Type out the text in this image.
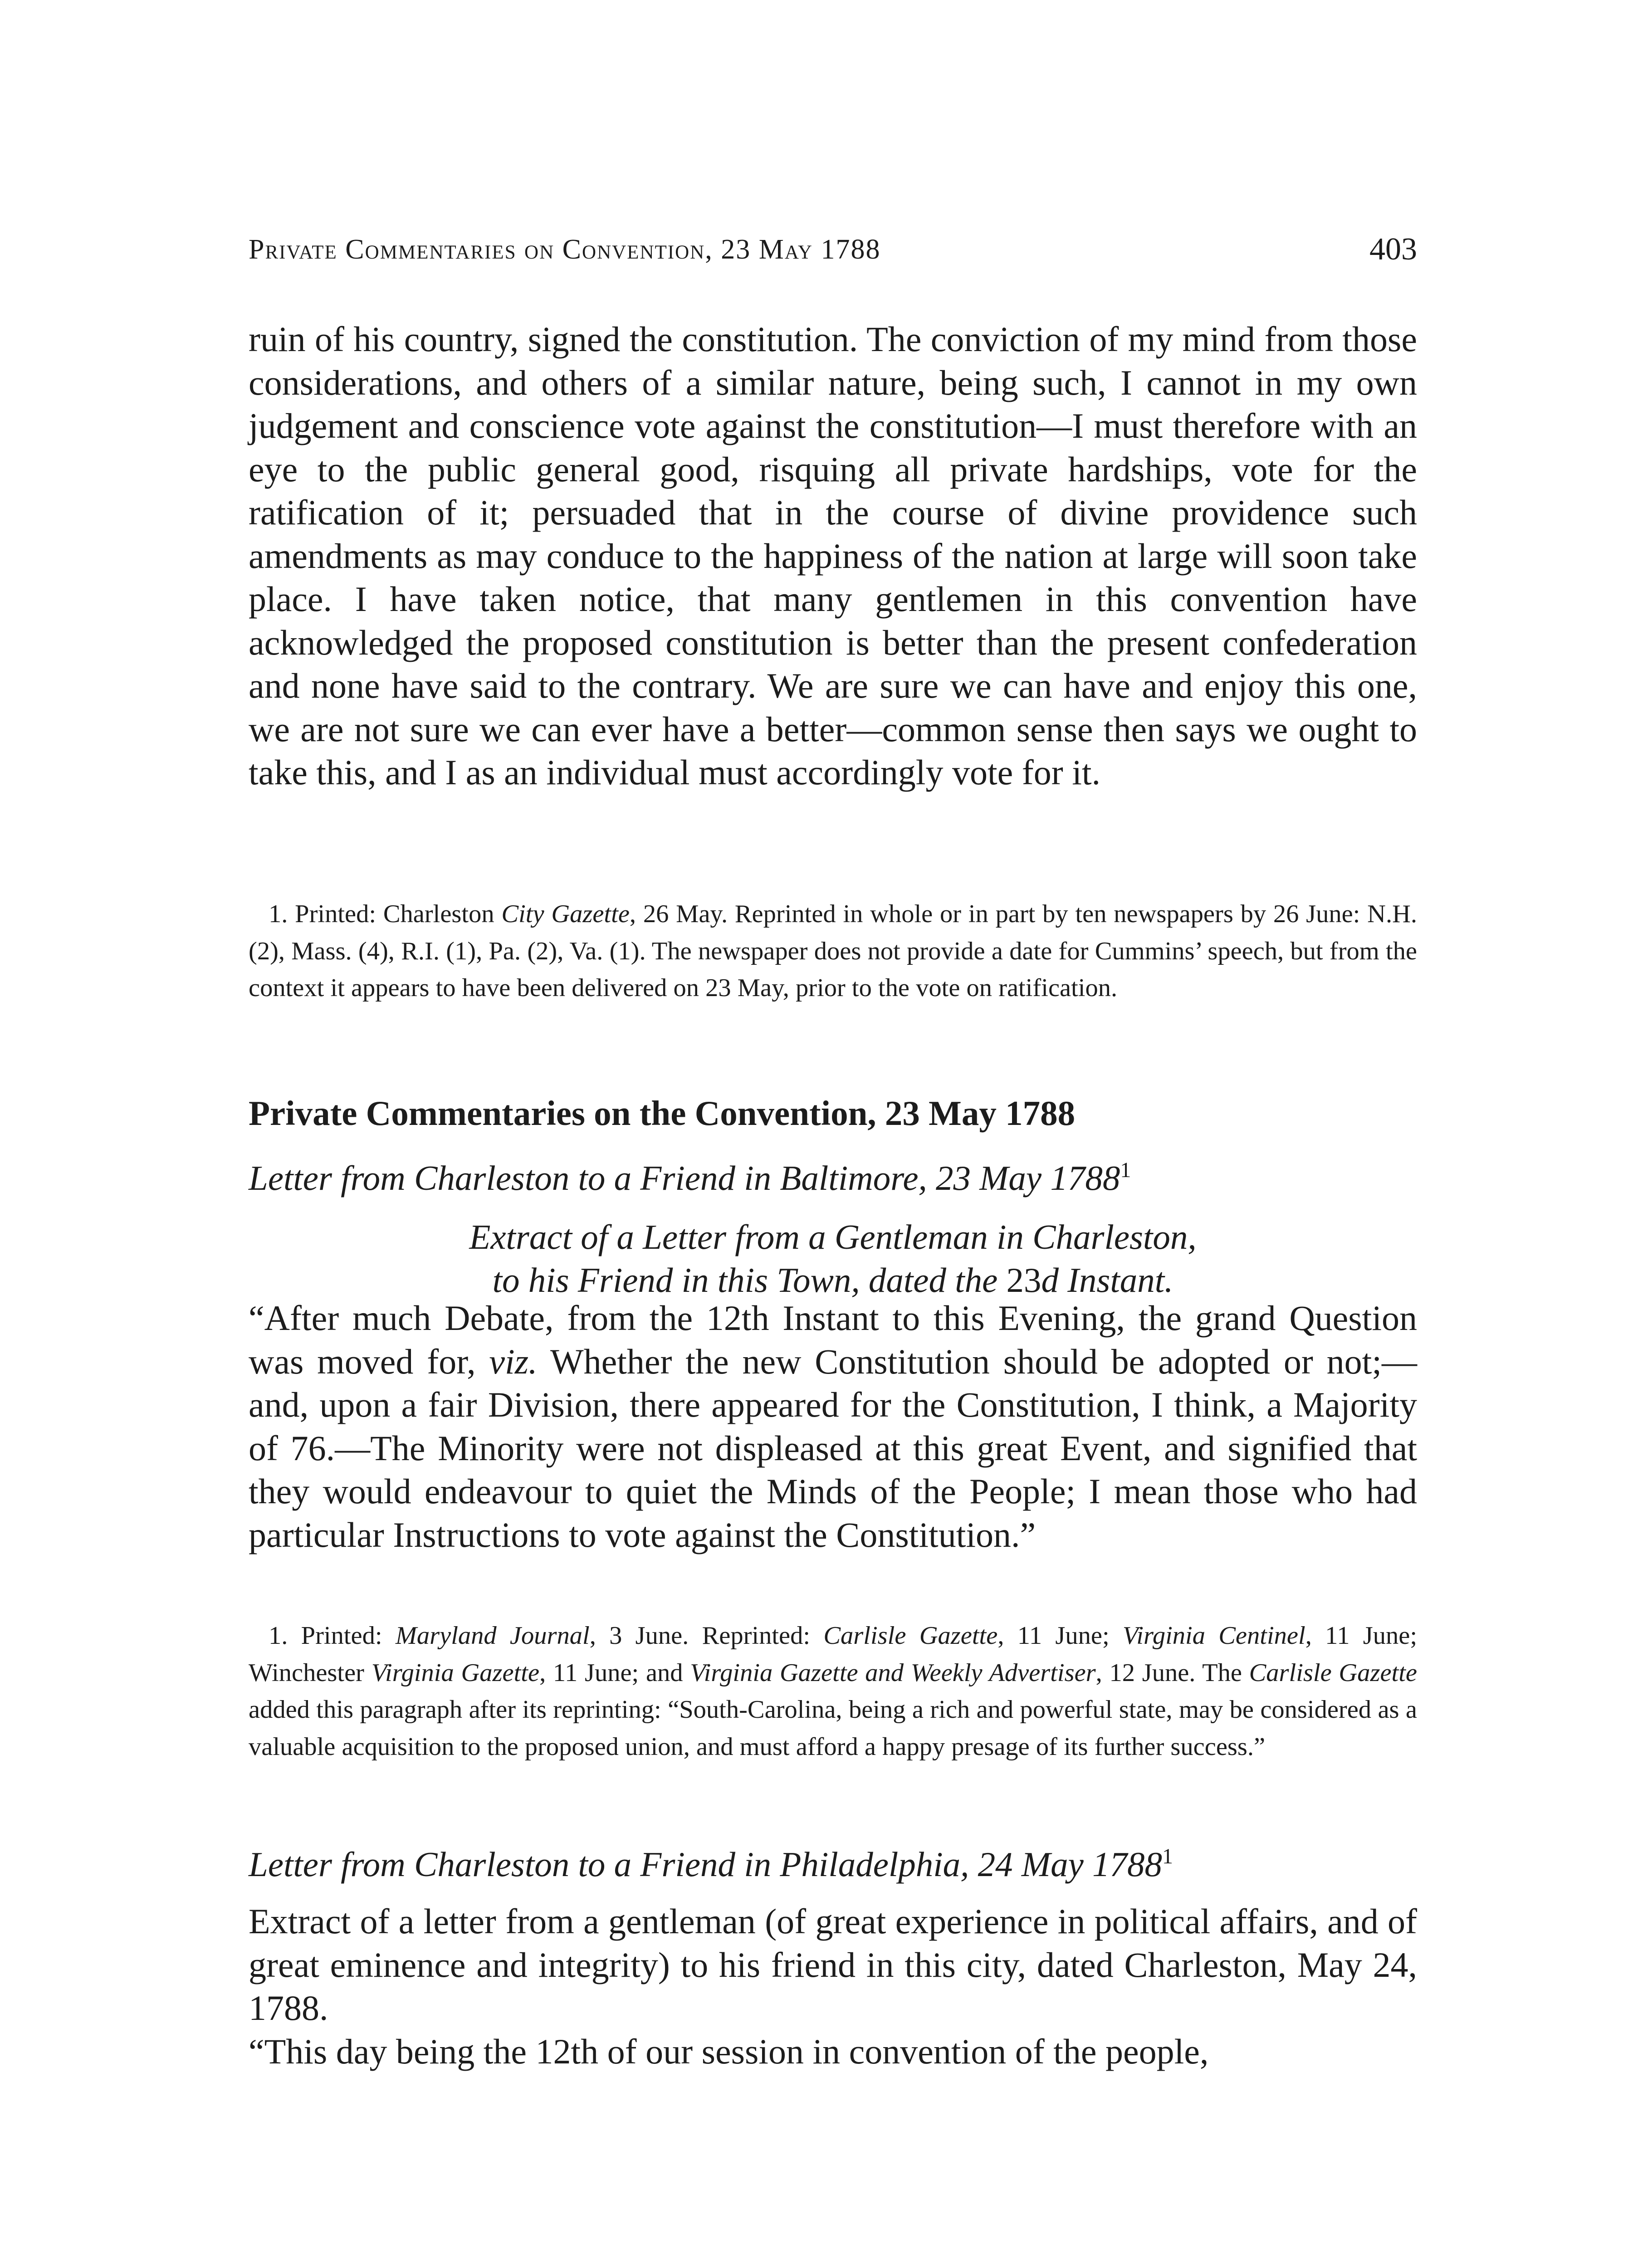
Private Commentaries on Convention, 23 May 1788	403

ruin of his country, signed the constitution. The conviction of my mind from those considerations, and others of a similar nature, being such, I cannot in my own judgement and conscience vote against the constitution—I must therefore with an eye to the public general good, risquing all private hardships, vote for the ratification of it; persuaded that in the course of divine providence such amendments as may conduce to the happiness of the nation at large will soon take place. I have taken notice, that many gentlemen in this convention have acknowledged the proposed constitution is better than the present confederation and none have said to the contrary. We are sure we can have and enjoy this one, we are not sure we can ever have a better—common sense then says we ought to take this, and I as an individual must accordingly vote for it.

1. Printed: Charleston City Gazette, 26 May. Reprinted in whole or in part by ten newspapers by 26 June: N.H. (2), Mass. (4), R.I. (1), Pa. (2), Va. (1). The newspaper does not provide a date for Cummins’ speech, but from the context it appears to have been delivered on 23 May, prior to the vote on ratification.

Private Commentaries on the Convention, 23 May 1788
Letter from Charleston to a Friend in Baltimore, 23 May 1788$^1$
Extract of a Letter from a Gentleman in Charleston,
to his Friend in this Town, dated the 23d Instant.

“After much Debate, from the 12th Instant to this Evening, the grand Question was moved for, viz. Whether the new Constitution should be adopted or not;—and, upon a fair Division, there appeared for the Constitution, I think, a Majority of 76.—The Minority were not displeased at this great Event, and signified that they would endeavour to quiet the Minds of the People; I mean those who had particular Instructions to vote against the Constitution.”

1. Printed: Maryland Journal, 3 June. Reprinted: Carlisle Gazette, 11 June; Virginia Centinel, 11 June; Winchester Virginia Gazette, 11 June; and Virginia Gazette and Weekly Advertiser, 12 June. The Carlisle Gazette added this paragraph after its reprinting: “South-Carolina, being a rich and powerful state, may be considered as a valuable acquisition to the proposed union, and must afford a happy presage of its further success.”

Letter from Charleston to a Friend in Philadelphia, 24 May 1788$^1$

Extract of a letter from a gentleman (of great experience in political affairs, and of great eminence and integrity) to his friend in this city, dated Charleston, May 24, 1788.

“This day being the 12th of our session in convention of the people,
